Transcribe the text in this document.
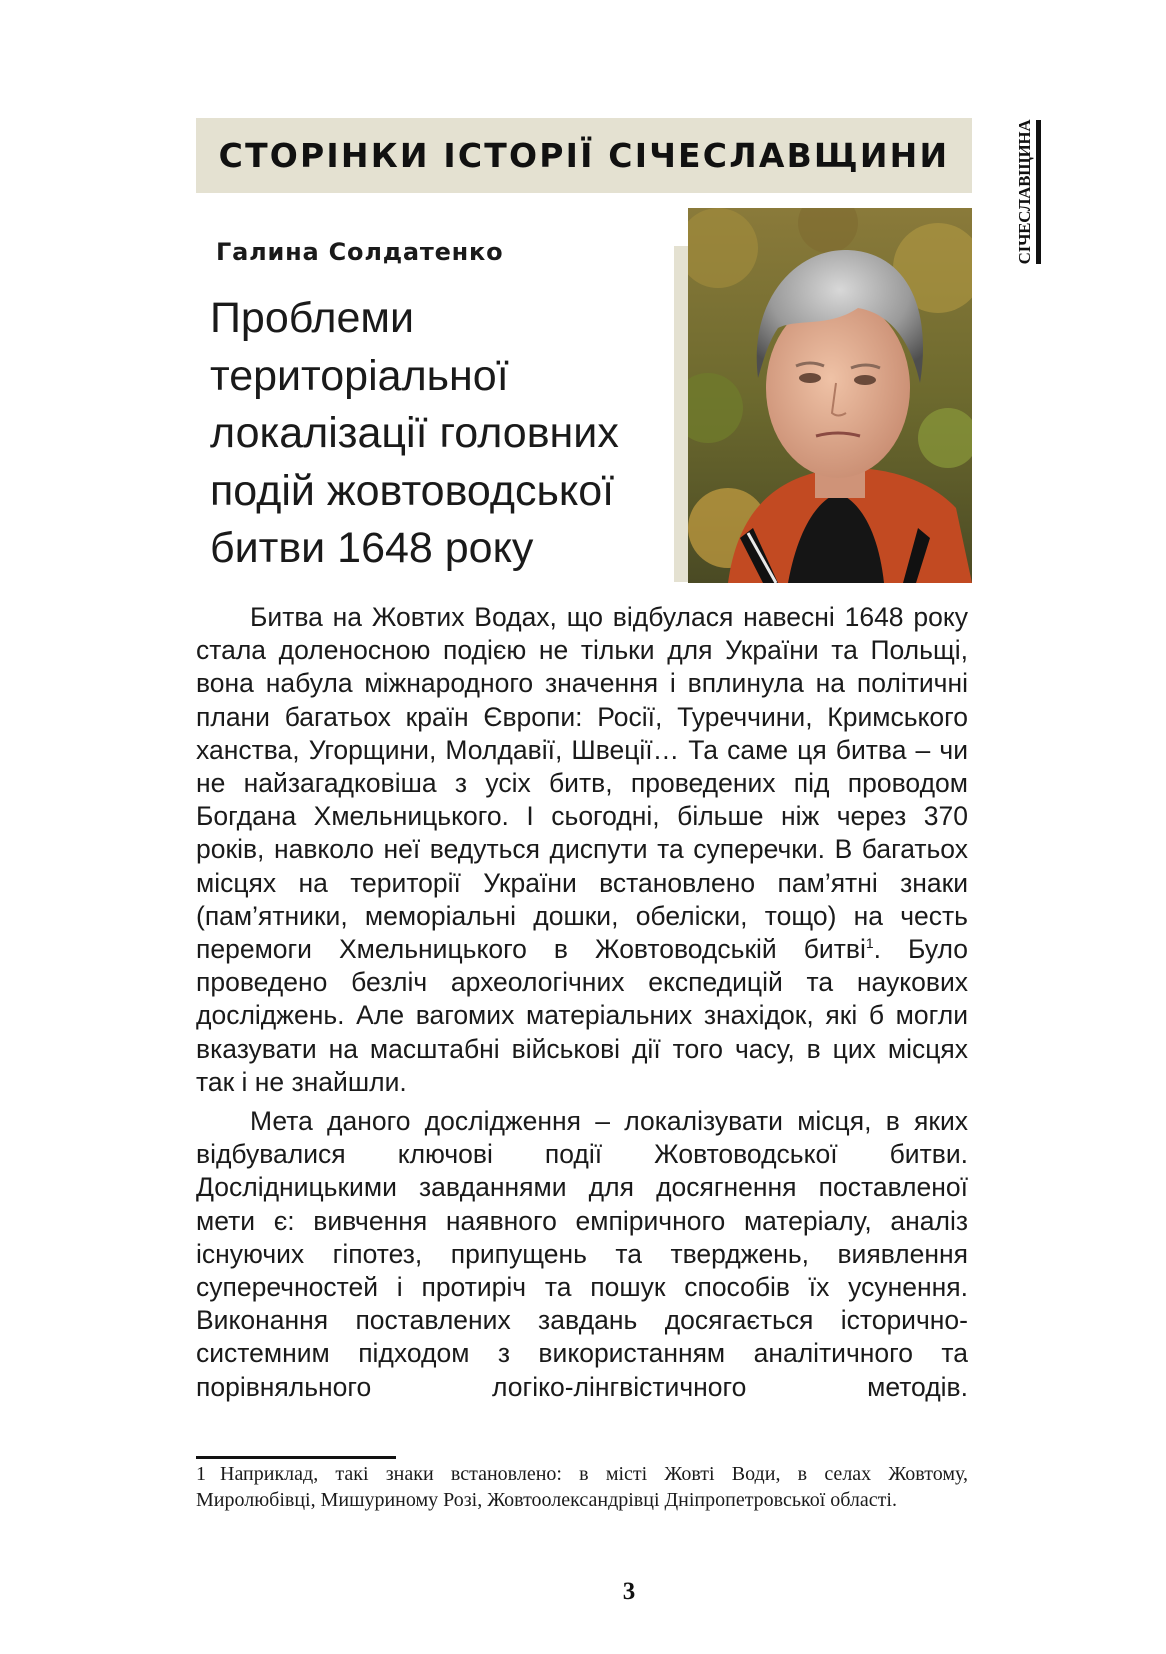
СТОРІНКИ ІСТОРІЇ СІЧЕСЛАВЩИНИ	СІЧЕСЛАВЩИНА
Галина Солдатенко
Проблеми
територіальної
локалізації головних
подій жовтоводської
битви 1648 року

Битва на Жовтих Водах, що відбулася навесні 1648 року стала доленосною подією не тільки для України та Польщі, вона набула міжнародного значення і вплинула на політичні плани багатьох країн Європи: Росії, Туреччини, Кримського ханства, Угорщини, Молдавії, Швеції… Та саме ця битва – чи не найзагадковіша з усіх битв, проведених під проводом Богдана Хмельницького. І сьогодні, більше ніж через 370 років, навколо неї ведуться диспути та суперечки. В багатьох місцях на території України встановлено пам’ятні знаки (пам’ятники, меморіальні дошки, обеліски, тощо) на честь перемоги Хмельницького в Жовтоводській битві$^1$. Було проведено безліч археологічних експедицій та наукових досліджень. Але вагомих матеріальних знахідок, які б могли вказувати на масштабні військові дії того часу, в цих місцях так і не знайшли.

Мета даного дослідження – локалізувати місця, в яких відбувалися ключові події Жовтоводської битви. Дослідницькими завданнями для досягнення поставленої мети є: вивчення наявного емпіричного матеріалу, аналіз існуючих гіпотез, припущень та тверджень, виявлення суперечностей і протиріч та пошук способів їх усунення. Виконання поставлених завдань досягається історично-системним підходом з використанням аналітичного та порівняльного логіко-лінгвістичного методів.

1 Наприклад, такі знаки встановлено: в місті Жовті Води, в селах Жовтому, Миролюбівці, Мишуриному Розі, Жовтоолександрівці Дніпропетровської області.
3
